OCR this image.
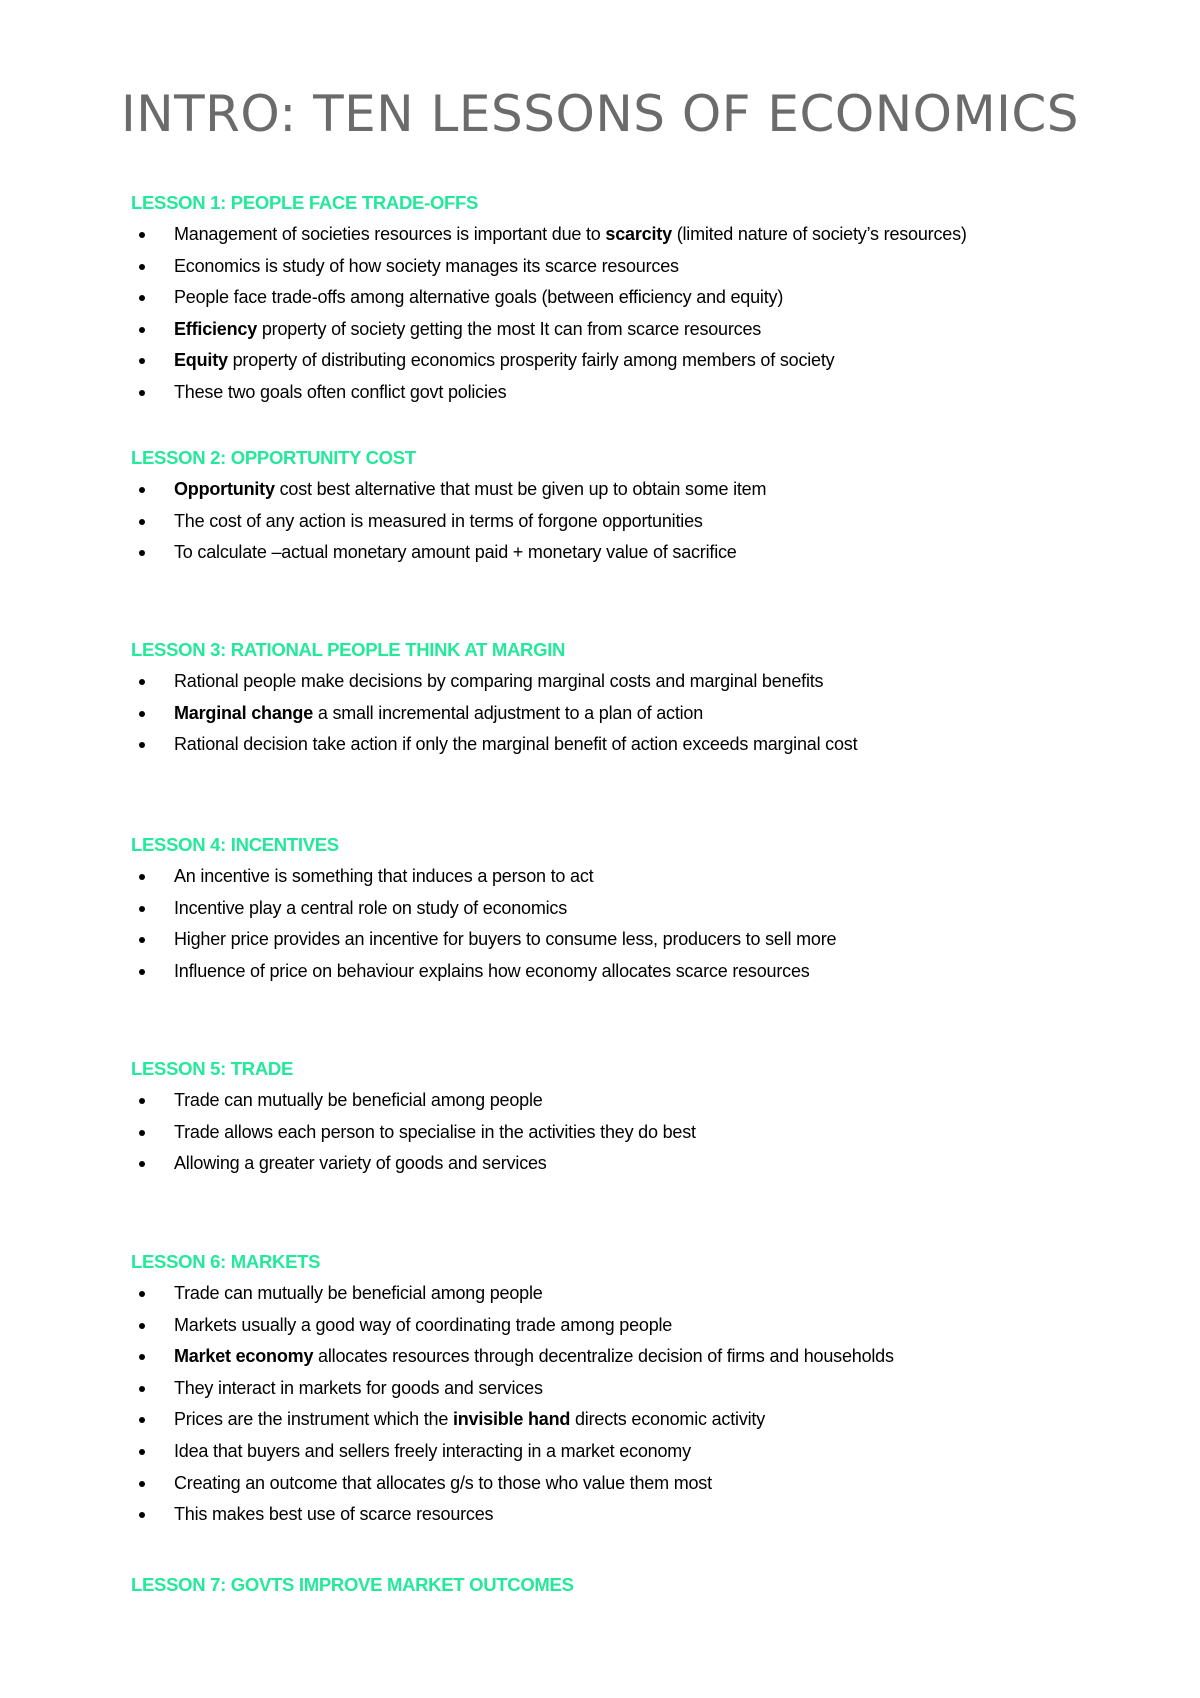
INTRO: TEN LESSONS OF ECONOMICS
LESSON 1: PEOPLE FACE TRADE-OFFS
Management of societies resources is important due to scarcity (limited nature of society’s resources)
Economics is study of how society manages its scarce resources
People face trade-offs among alternative goals (between efficiency and equity)
Efficiency property of society getting the most It can from scarce resources
Equity property of distributing economics prosperity fairly among members of society
These two goals often conflict govt policies
LESSON 2: OPPORTUNITY COST
Opportunity cost best alternative that must be given up to obtain some item
The cost of any action is measured in terms of forgone opportunities
To calculate –actual monetary amount paid + monetary value of sacrifice
LESSON 3: RATIONAL PEOPLE THINK AT MARGIN
Rational people make decisions by comparing marginal costs and marginal benefits
Marginal change a small incremental adjustment to a plan of action
Rational decision take action if only the marginal benefit of action exceeds marginal cost
LESSON 4: INCENTIVES
An incentive is something that induces a person to act
Incentive play a central role on study of economics
Higher price provides an incentive for buyers to consume less, producers to sell more
Influence of price on behaviour explains how economy allocates scarce resources
LESSON 5: TRADE
Trade can mutually be beneficial among people
Trade allows each person to specialise in the activities they do best
Allowing a greater variety of goods and services
LESSON 6: MARKETS
Trade can mutually be beneficial among people
Markets usually a good way of coordinating trade among people
Market economy allocates resources through decentralize decision of firms and households
They interact in markets for goods and services
Prices are the instrument which the invisible hand directs economic activity
Idea that buyers and sellers freely interacting in a market economy
Creating an outcome that allocates g/s to those who value them most
This makes best use of scarce resources
LESSON 7: GOVTS IMPROVE MARKET OUTCOMES
